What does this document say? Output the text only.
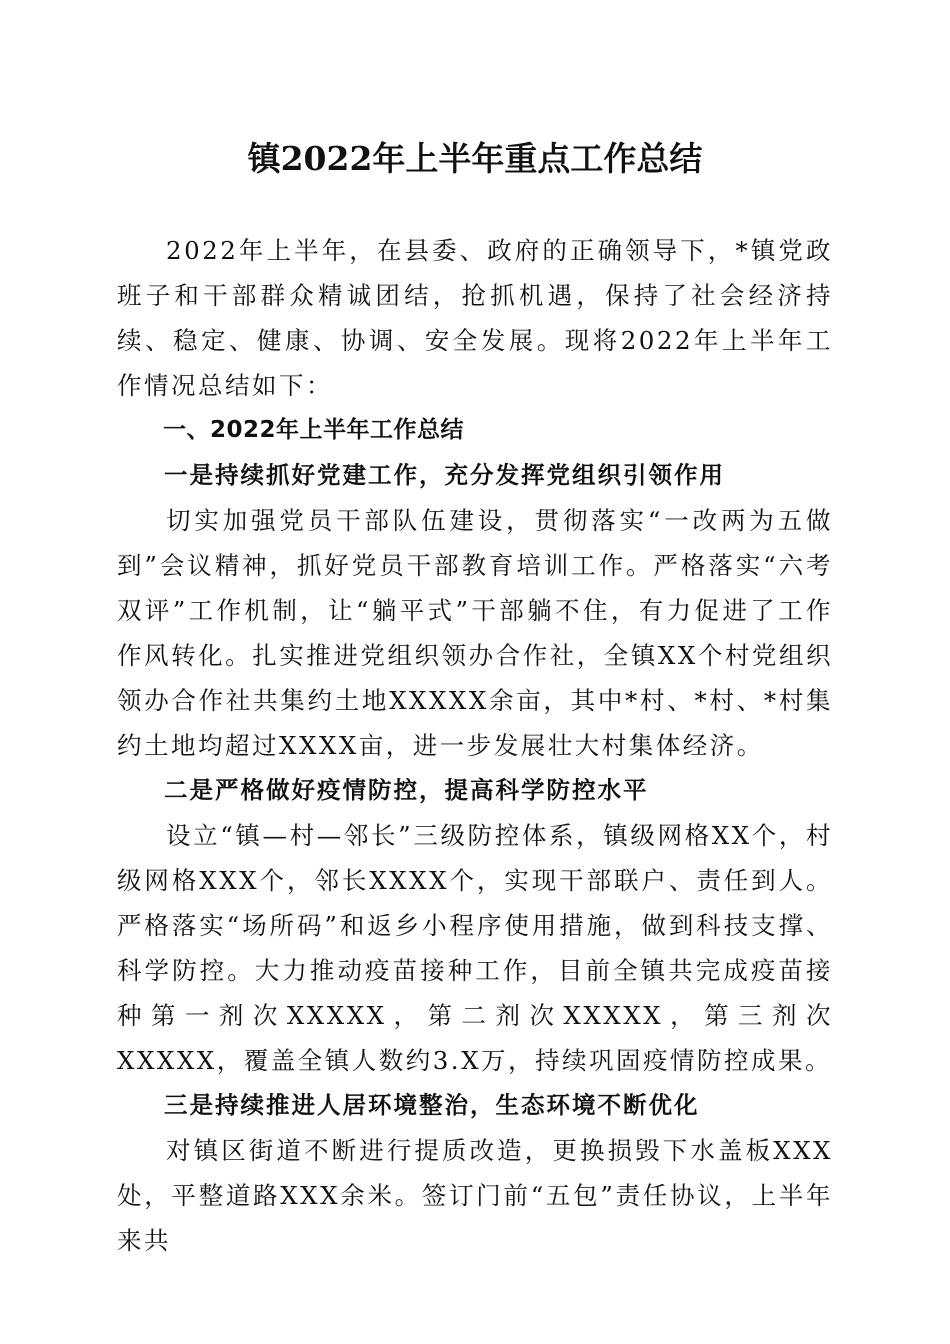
镇2022年上半年重点工作总结

2022年上半年，在县委、政府的正确领导下，*镇党政班子和干部群众精诚团结，抢抓机遇，保持了社会经济持续、稳定、健康、协调、安全发展。现将2022年上半年工作情况总结如下：

一、2022年上半年工作总结

一是持续抓好党建工作，充分发挥党组织引领作用

切实加强党员干部队伍建设，贯彻落实“一改两为五做到”会议精神，抓好党员干部教育培训工作。严格落实“六考双评”工作机制，让“躺平式”干部躺不住，有力促进了工作作风转化。扎实推进党组织领办合作社，全镇XX个村党组织领办合作社共集约土地XXXXX余亩，其中*村、*村、*村集约土地均超过XXXX亩，进一步发展壮大村集体经济。

二是严格做好疫情防控，提高科学防控水平

设立“镇—村—邻长”三级防控体系，镇级网格XX个，村级网格XXX个，邻长XXXX个，实现干部联户、责任到人。严格落实“场所码”和返乡小程序使用措施，做到科技支撑、科学防控。大力推动疫苗接种工作，目前全镇共完成疫苗接种第一剂次XXXXX，第二剂次XXXXX，第三剂次XXXXX，覆盖全镇人数约3.X万，持续巩固疫情防控成果。

三是持续推进人居环境整治，生态环境不断优化

对镇区街道不断进行提质改造，更换损毁下水盖板XXX处，平整道路XXX余米。签订门前“五包”责任协议，上半年来共
